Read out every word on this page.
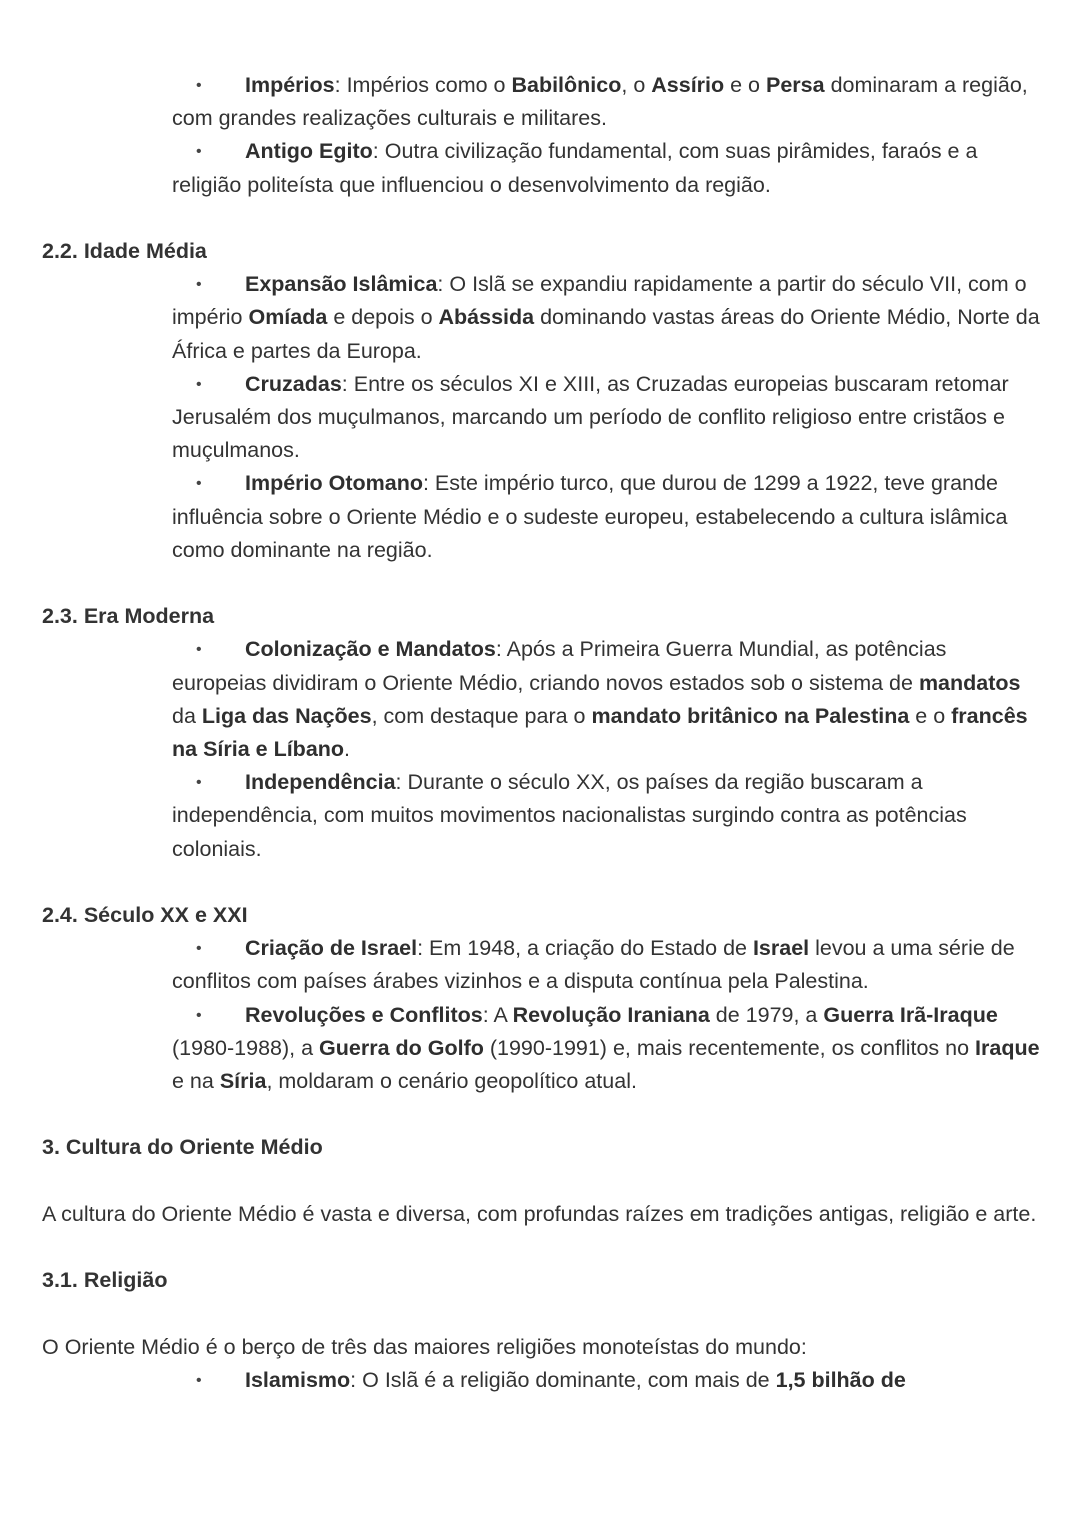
• Impérios: Impérios como o Babilônico, o Assírio e o Persa dominaram a região, com grandes realizações culturais e militares.
• Antigo Egito: Outra civilização fundamental, com suas pirâmides, faraós e a religião politeísta que influenciou o desenvolvimento da região.

2.2. Idade Média

• Expansão Islâmica: O Islã se expandiu rapidamente a partir do século VII, com o império Omíada e depois o Abássida dominando vastas áreas do Oriente Médio, Norte da África e partes da Europa.
• Cruzadas: Entre os séculos XI e XIII, as Cruzadas europeias buscaram retomar Jerusalém dos muçulmanos, marcando um período de conflito religioso entre cristãos e muçulmanos.
• Império Otomano: Este império turco, que durou de 1299 a 1922, teve grande influência sobre o Oriente Médio e o sudeste europeu, estabelecendo a cultura islâmica como dominante na região.

2.3. Era Moderna

• Colonização e Mandatos: Após a Primeira Guerra Mundial, as potências europeias dividiram o Oriente Médio, criando novos estados sob o sistema de mandatos da Liga das Nações, com destaque para o mandato britânico na Palestina e o francês na Síria e Líbano.
• Independência: Durante o século XX, os países da região buscaram a independência, com muitos movimentos nacionalistas surgindo contra as potências coloniais.

2.4. Século XX e XXI

• Criação de Israel: Em 1948, a criação do Estado de Israel levou a uma série de conflitos com países árabes vizinhos e a disputa contínua pela Palestina.
• Revoluções e Conflitos: A Revolução Iraniana de 1979, a Guerra Irã-Iraque (1980-1988), a Guerra do Golfo (1990-1991) e, mais recentemente, os conflitos no Iraque e na Síria, moldaram o cenário geopolítico atual.

3. Cultura do Oriente Médio

A cultura do Oriente Médio é vasta e diversa, com profundas raízes em tradições antigas, religião e arte.

3.1. Religião

O Oriente Médio é o berço de três das maiores religiões monoteístas do mundo:

• Islamismo: O Islã é a religião dominante, com mais de 1,5 bilhão de
